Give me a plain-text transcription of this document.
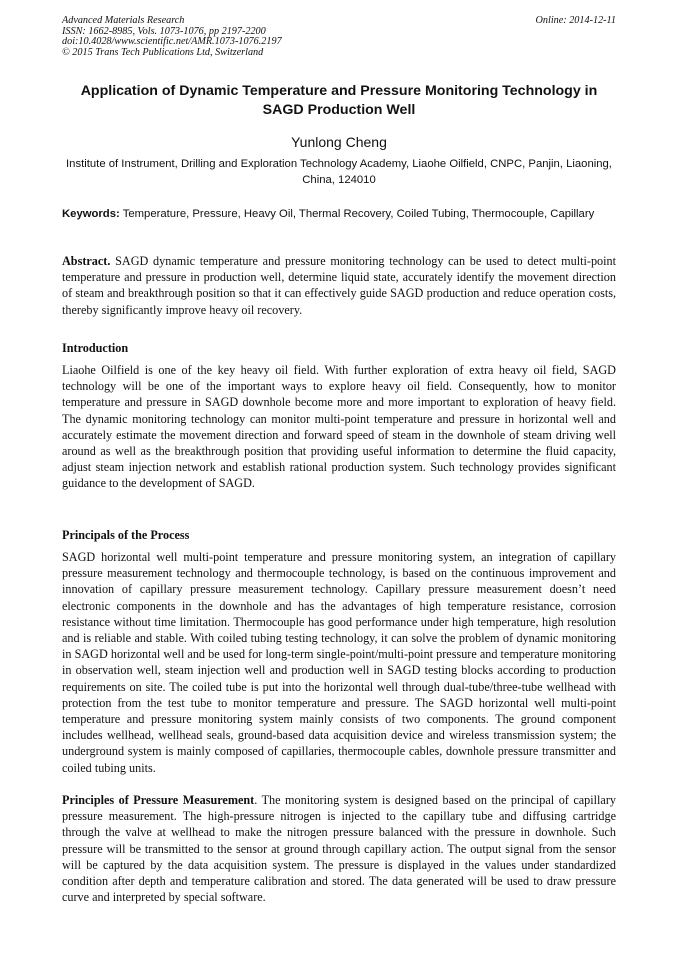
Advanced Materials Research
ISSN: 1662-8985, Vols. 1073-1076, pp 2197-2200
doi:10.4028/www.scientific.net/AMR.1073-1076.2197
© 2015 Trans Tech Publications Ltd, Switzerland
Online: 2014-12-11
Application of Dynamic Temperature and Pressure Monitoring Technology in SAGD Production Well
Yunlong Cheng
Institute of Instrument, Drilling and Exploration Technology Academy, Liaohe Oilfield, CNPC, Panjin, Liaoning, China, 124010
Keywords: Temperature, Pressure, Heavy Oil, Thermal Recovery, Coiled Tubing, Thermocouple, Capillary
Abstract. SAGD dynamic temperature and pressure monitoring technology can be used to detect multi-point temperature and pressure in production well, determine liquid state, accurately identify the movement direction of steam and breakthrough position so that it can effectively guide SAGD production and reduce operation costs, thereby significantly improve heavy oil recovery.
Introduction
Liaohe Oilfield is one of the key heavy oil field. With further exploration of extra heavy oil field, SAGD technology will be one of the important ways to explore heavy oil field. Consequently, how to monitor temperature and pressure in SAGD downhole become more and more important to exploration of heavy field. The dynamic monitoring technology can monitor multi-point temperature and pressure in horizontal well and accurately estimate the movement direction and forward speed of steam in the downhole of steam driving well around as well as the breakthrough position that providing useful information to determine the fluid capacity, adjust steam injection network and establish rational production system. Such technology provides significant guidance to the development of SAGD.
Principals of the Process
SAGD horizontal well multi-point temperature and pressure monitoring system, an integration of capillary pressure measurement technology and thermocouple technology, is based on the continuous improvement and innovation of capillary pressure measurement technology. Capillary pressure measurement doesn’t need electronic components in the downhole and has the advantages of high temperature resistance, corrosion resistance without time limitation. Thermocouple has good performance under high temperature, high resolution and is reliable and stable. With coiled tubing testing technology, it can solve the problem of dynamic monitoring in SAGD horizontal well and be used for long-term single-point/multi-point pressure and temperature monitoring in observation well, steam injection well and production well in SAGD testing blocks according to production requirements on site. The coiled tube is put into the horizontal well through dual-tube/three-tube wellhead with protection from the test tube to monitor temperature and pressure. The SAGD horizontal well multi-point temperature and pressure monitoring system mainly consists of two components. The ground component includes wellhead, wellhead seals, ground-based data acquisition device and wireless transmission system; the underground system is mainly composed of capillaries, thermocouple cables, downhole pressure transmitter and coiled tubing units.
Principles of Pressure Measurement. The monitoring system is designed based on the principal of capillary pressure measurement. The high-pressure nitrogen is injected to the capillary tube and diffusing cartridge through the valve at wellhead to make the nitrogen pressure balanced with the pressure in downhole. Such pressure will be transmitted to the sensor at ground through capillary action. The output signal from the sensor will be captured by the data acquisition system. The pressure is displayed in the values under standardized condition after depth and temperature calibration and stored. The data generated will be used to draw pressure curve and interpreted by special software.
